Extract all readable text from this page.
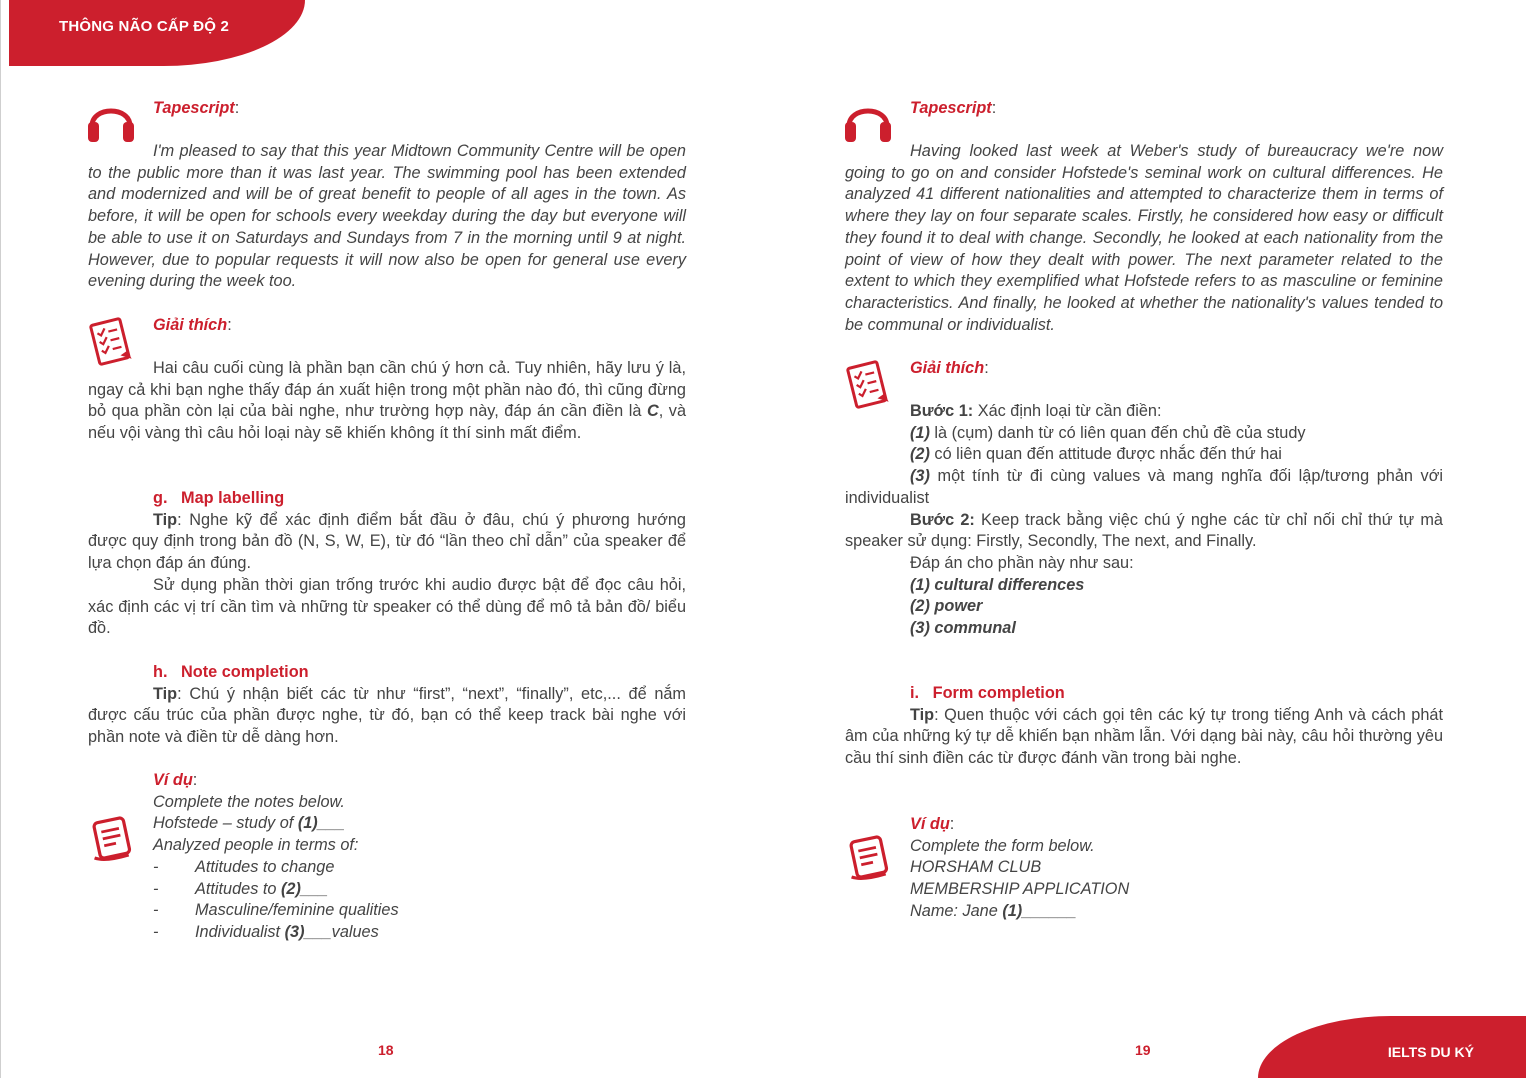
THÔNG NÃO CẤP ĐỘ 2
Tapescript:

I'm pleased to say that this year Midtown Community Centre will be open to the public more than it was last year. The swimming pool has been extended and modernized and will be of great benefit to people of all ages in the town. As before, it will be open for schools every weekday during the day but everyone will be able to use it on Saturdays and Sundays from 7 in the morning until 9 at night. However, due to popular requests it will now also be open for general use every evening during the week too.

Giải thích:

Hai câu cuối cùng là phần bạn cần chú ý hơn cả. Tuy nhiên, hãy lưu ý là, ngay cả khi bạn nghe thấy đáp án xuất hiện trong một phần nào đó, thì cũng đừng bỏ qua phần còn lại của bài nghe, như trường hợp này, đáp án cần điền là C, và nếu vội vàng thì câu hỏi loại này sẽ khiến không ít thí sinh mất điểm.

g. Map labelling

Tip: Nghe kỹ để xác định điểm bắt đầu ở đâu, chú ý phương hướng được quy định trong bản đồ (N, S, W, E), từ đó “lần theo chỉ dẫn” của speaker để lựa chọn đáp án đúng.

Sử dụng phần thời gian trống trước khi audio được bật để đọc câu hỏi, xác định các vị trí cần tìm và những từ speaker có thể dùng để mô tả bản đồ/ biểu đồ.

h. Note completion

Tip: Chú ý nhận biết các từ như “first”, “next”, “finally”, etc,... để nắm được cấu trúc của phần được nghe, từ đó, bạn có thể keep track bài nghe với phần note và điền từ dễ dàng hơn.

Ví dụ:
Complete the notes below.
Hofstede – study of (1)___
Analyzed people in terms of:
-	Attitudes to change
-	Attitudes to (2)___
-	Masculine/feminine qualities
-	Individualist (3)___values
18
Tapescript:

Having looked last week at Weber's study of bureaucracy we're now going to go on and consider Hofstede's seminal work on cultural differences. He analyzed 41 different nationalities and attempted to characterize them in terms of where they lay on four separate scales. Firstly, he considered how easy or difficult they found it to deal with change. Secondly, he looked at each nationality from the point of view of how they dealt with power. The next parameter related to the extent to which they exemplified what Hofstede refers to as masculine or feminine characteristics. And finally, he looked at whether the nationality's values tended to be communal or individualist.

Giải thích:

Bước 1: Xác định loại từ cần điền:

(1) là (cụm) danh từ có liên quan đến chủ đề của study

(2) có liên quan đến attitude được nhắc đến thứ hai

(3) một tính từ đi cùng values và mang nghĩa đối lập/tương phản với individualist

Bước 2: Keep track bằng việc chú ý nghe các từ chỉ nối chỉ thứ tự mà speaker sử dụng: Firstly, Secondly, The next, and Finally.

Đáp án cho phần này như sau:

(1) cultural differences

(2) power

(3) communal

i. Form completion

Tip: Quen thuộc với cách gọi tên các ký tự trong tiếng Anh và cách phát âm của những ký tự dễ khiến bạn nhầm lẫn. Với dạng bài này, câu hỏi thường yêu cầu thí sinh điền các từ được đánh vần trong bài nghe.

Ví dụ:
Complete the form below.
HORSHAM CLUB
MEMBERSHIP APPLICATION
Name: Jane (1)______
19	IELTS DU KÝ
